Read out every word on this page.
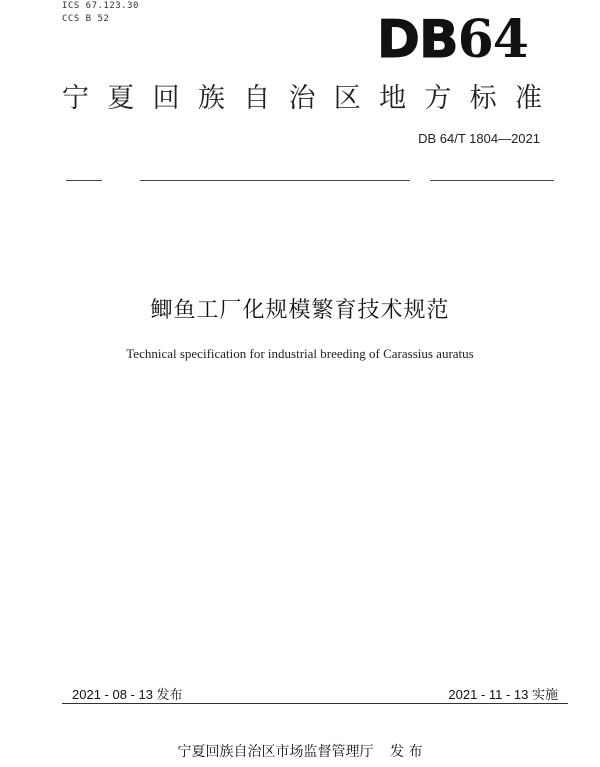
ICS 67.123.30
CCS B 52	DB64
宁 夏 回 族 自 治 区 地 方 标 准
DB 64/T 1804—2021
鲫鱼工厂化规模繁育技术规范
Technical specification for industrial breeding of Carassius auratus
2021 - 08 - 13 发布	2021 - 11 - 13 实施
宁夏回族自治区市场监督管理厅 发 布
